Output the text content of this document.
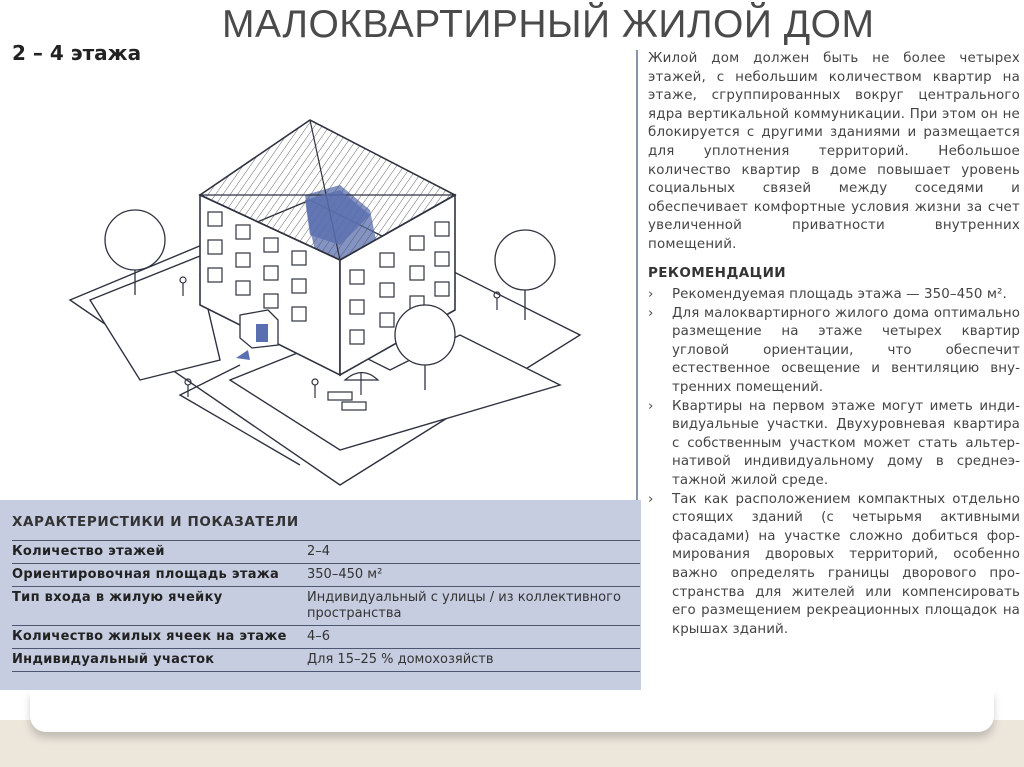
МАЛОКВАРТИРНЫЙ ЖИЛОЙ ДОМ
2 – 4 этажа	Жилой дом должен быть не более четырех этажей, с небольшим количеством квартир на этаже, сгруппированных вокруг центрального ядра вертикальной коммуникации. При этом он не блокируется с другими зданиями и размещается для уплотнения территорий. Небольшое количество квартир в доме повышает уровень социальных связей между соседями и обеспечивает комфортные условия жизни за счет увеличенной приватности внутренних помещений.

РЕКОМЕНДАЦИИ
› Рекомендуемая площадь этажа — 350–450 м².
› Для малоквартирного жилого дома оптимально размещение на этаже четырех квартир угловой ориентации, что обеспечит естественное освещение и вентиляцию внутренних помещений.
› Квартиры на первом этаже могут иметь индивидуальные участки. Двухуровневая квартира с собственным участком может стать альтернативой индивидуальному дому в среднеэтажной жилой среде.
› Так как расположением компактных отдельно стоящих зданий (с четырьмя активными фасадами) на участке сложно добиться формирования дворовых территорий, особенно важно определять границы дворового пространства для жителей или компенсировать его размещением рекреационных площадок на крышах зданий.
ХАРАКТЕРИСТИКИ И ПОКАЗАТЕЛИ
Количество этажей	2–4
Ориентировочная площадь этажа	350–450 м²
Тип входа в жилую ячейку	Индивидуальный с улицы / из коллективного пространства
Количество жилых ячеек на этаже	4–6
Индивидуальный участок	Для 15–25 % домохозяйств
